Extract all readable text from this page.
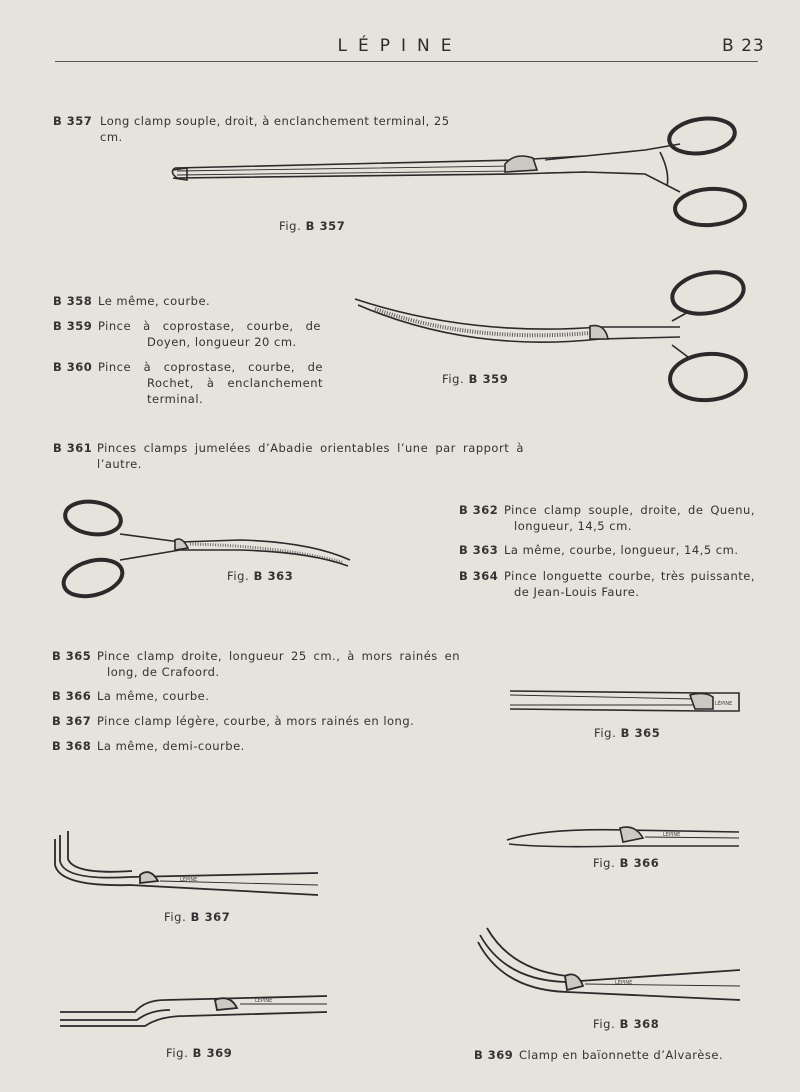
LÉPINE	B 23
B 357 Long clamp souple, droit, à enclanchement terminal, 25 cm.
B 358 Le même, courbe.
B 359 Pince à coprostase, courbe, de Doyen, longueur 20 cm.
B 360 Pince à coprostase, courbe, de Rochet, à enclanchement terminal.
B 361 Pinces clamps jumelées d’Abadie orientables l’une par rapport à l’autre.
B 362 Pince clamp souple, droite, de Quenu, longueur, 14,5 cm.
B 363 La même, courbe, longueur, 14,5 cm.
B 364 Pince longuette courbe, très puissante, de Jean-Louis Faure.
B 365 Pince clamp droite, longueur 25 cm., à mors rainés en long, de Crafoord.
B 366 La même, courbe.
B 367 Pince clamp légère, courbe, à mors rainés en long.
B 368 La même, demi-courbe.
B 369 Clamp en baïonnette d’Alvarèse.
Fig. B 357
Fig. B 359
Fig. B 363
Fig. B 365
Fig. B 366
Fig. B 367
Fig. B 368
Fig. B 369
LÉPINE
LÉPINE
LÉPINE
LÉPINE
LÉPINE
